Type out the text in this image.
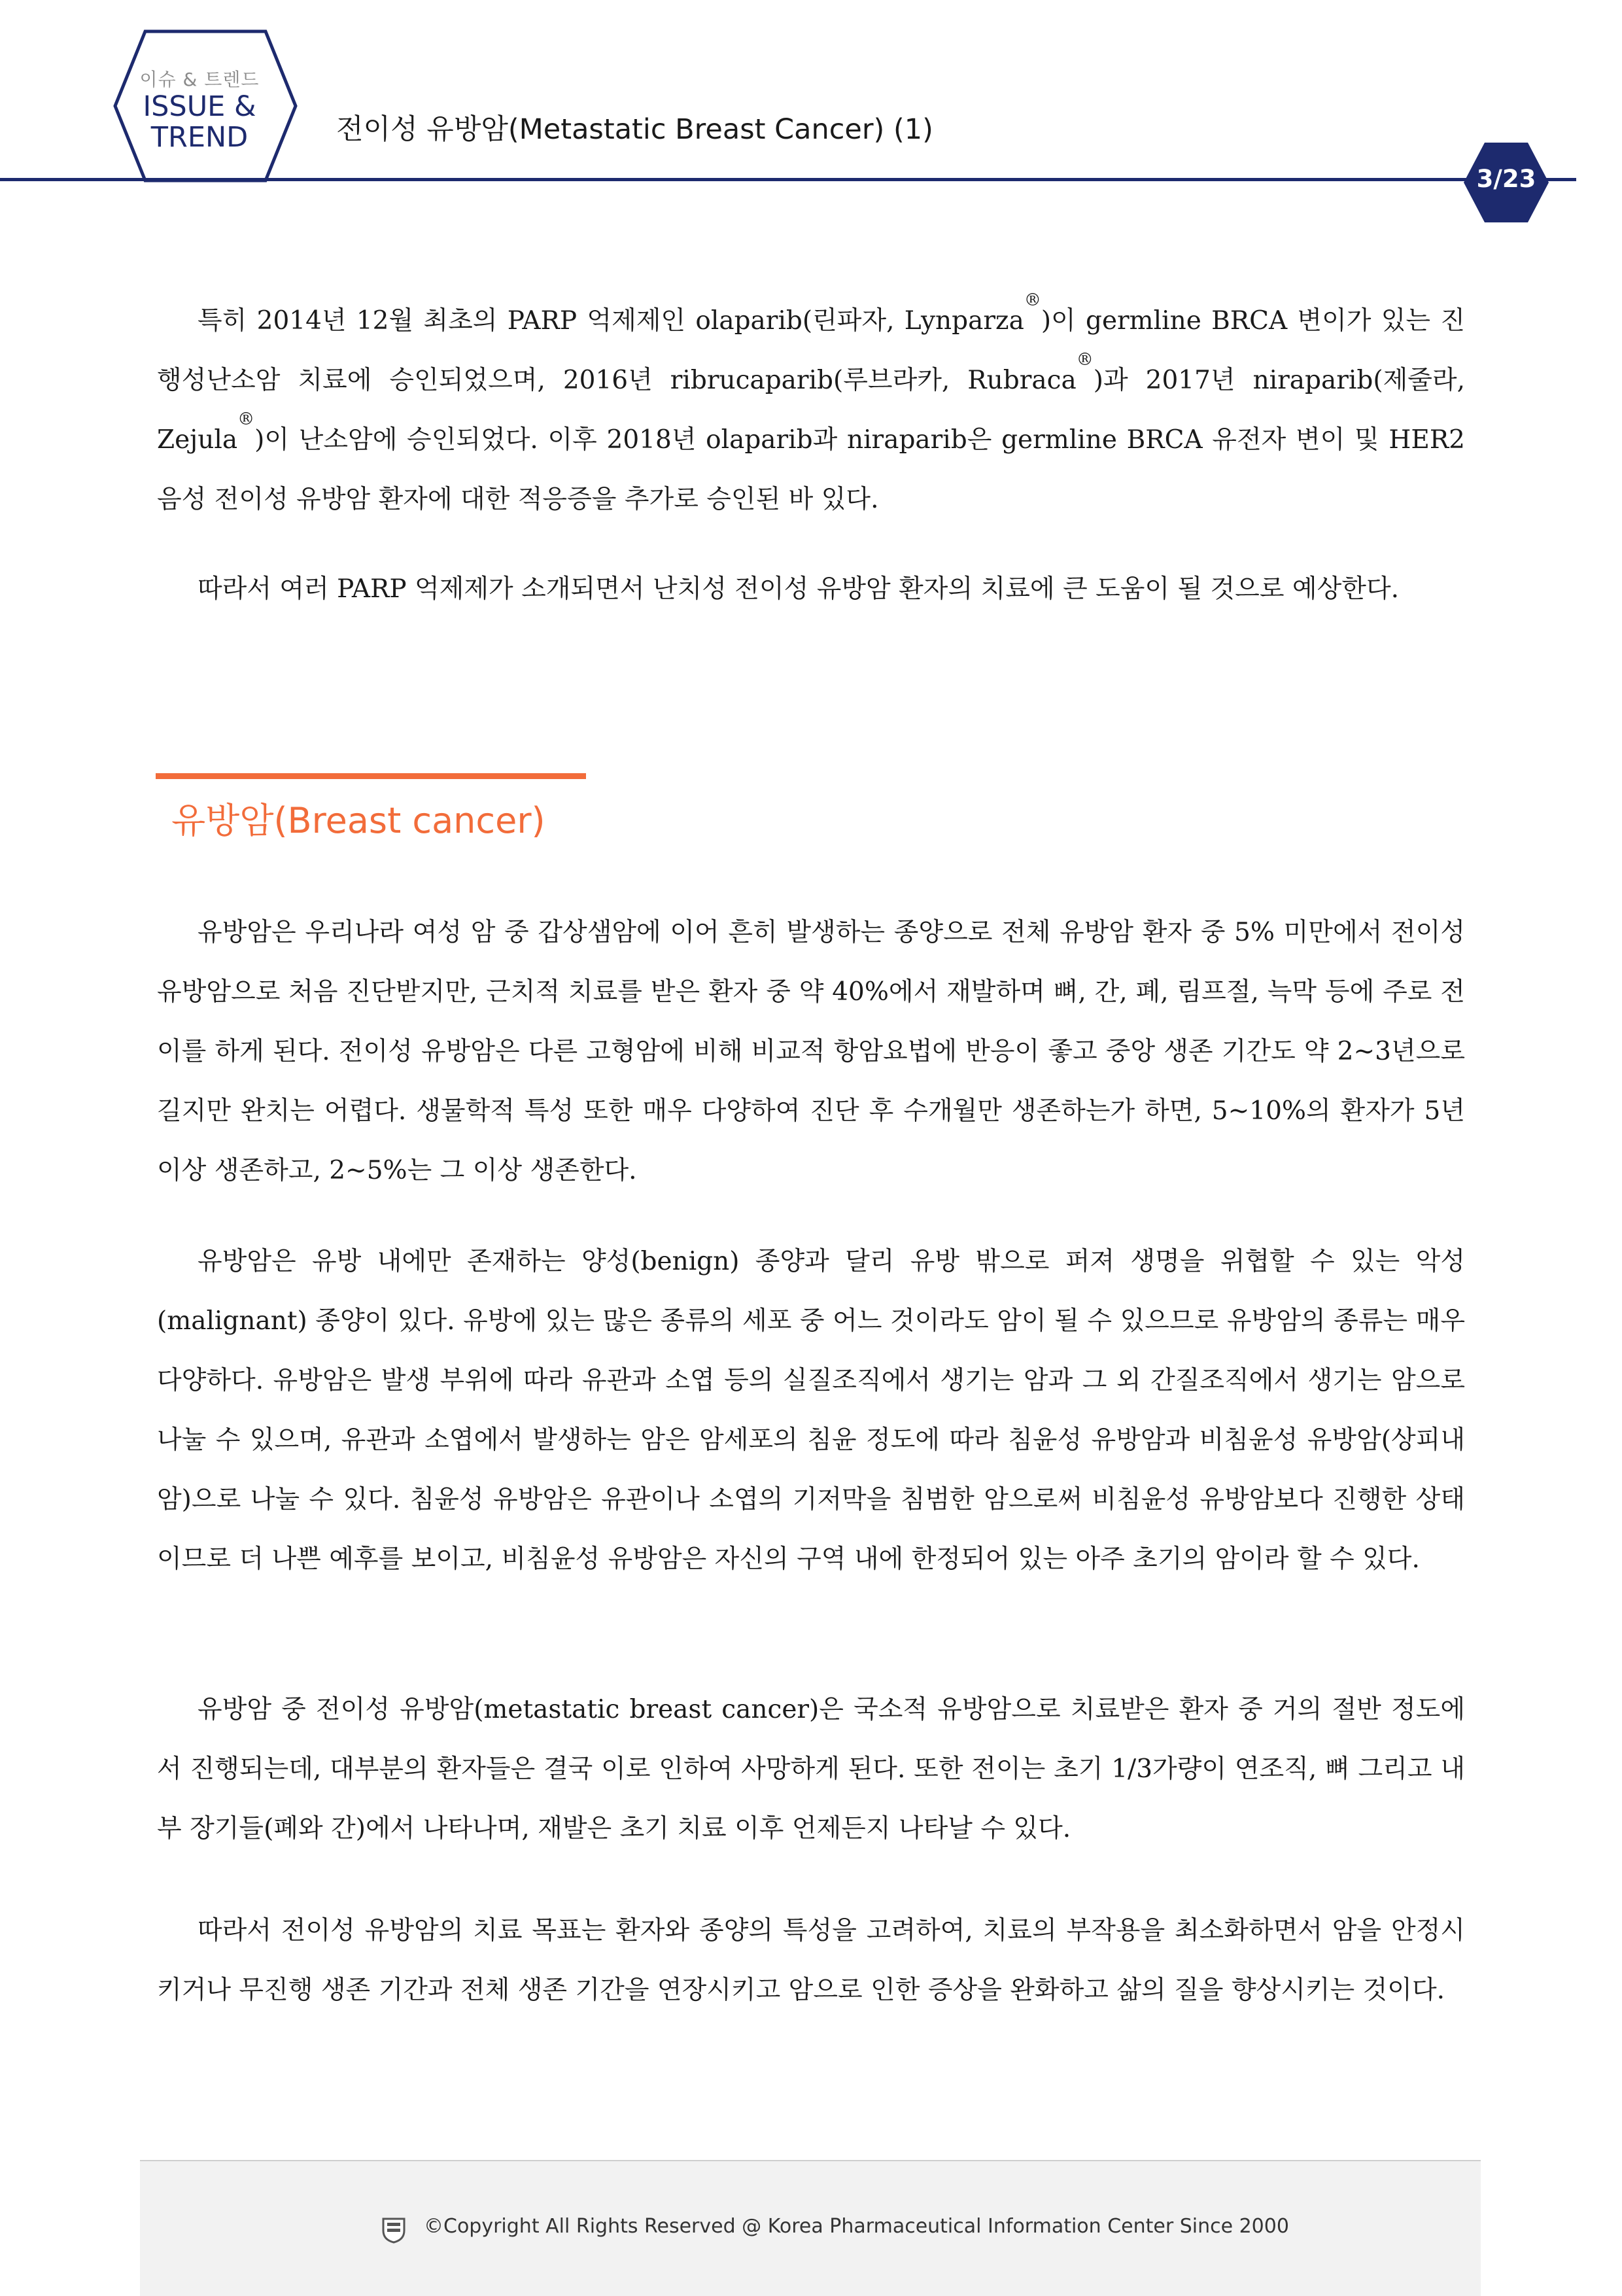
이슈 & 트렌드
ISSUE &
TREND	전이성 유방암(Metastatic Breast Cancer) (1)
3/23

특히 2014년 12월 최초의 PARP 억제제인 olaparib(린파자, Lynparza®)이 germline BRCA 변이가 있는 진행성난소암 치료에 승인되었으며, 2016년 ribrucaparib(루브라카, Rubraca®)과 2017년 niraparib(제줄라, Zejula®)이 난소암에 승인되었다. 이후 2018년 olaparib과 niraparib은 germline BRCA 유전자 변이 및 HER2 음성 전이성 유방암 환자에 대한 적응증을 추가로 승인된 바 있다.

따라서 여러 PARP 억제제가 소개되면서 난치성 전이성 유방암 환자의 치료에 큰 도움이 될 것으로 예상한다.

유방암(Breast cancer)

유방암은 우리나라 여성 암 중 갑상샘암에 이어 흔히 발생하는 종양으로 전체 유방암 환자 중 5% 미만에서 전이성 유방암으로 처음 진단받지만, 근치적 치료를 받은 환자 중 약 40%에서 재발하며 뼈, 간, 폐, 림프절, 늑막 등에 주로 전이를 하게 된다. 전이성 유방암은 다른 고형암에 비해 비교적 항암요법에 반응이 좋고 중앙 생존 기간도 약 2~3년으로 길지만 완치는 어렵다. 생물학적 특성 또한 매우 다양하여 진단 후 수개월만 생존하는가 하면, 5~10%의 환자가 5년 이상 생존하고, 2~5%는 그 이상 생존한다.

유방암은 유방 내에만 존재하는 양성(benign) 종양과 달리 유방 밖으로 퍼져 생명을 위협할 수 있는 악성(malignant) 종양이 있다. 유방에 있는 많은 종류의 세포 중 어느 것이라도 암이 될 수 있으므로 유방암의 종류는 매우 다양하다. 유방암은 발생 부위에 따라 유관과 소엽 등의 실질조직에서 생기는 암과 그 외 간질조직에서 생기는 암으로 나눌 수 있으며, 유관과 소엽에서 발생하는 암은 암세포의 침윤 정도에 따라 침윤성 유방암과 비침윤성 유방암(상피내암)으로 나눌 수 있다. 침윤성 유방암은 유관이나 소엽의 기저막을 침범한 암으로써 비침윤성 유방암보다 진행한 상태이므로 더 나쁜 예후를 보이고, 비침윤성 유방암은 자신의 구역 내에 한정되어 있는 아주 초기의 암이라 할 수 있다.

유방암 중 전이성 유방암(metastatic breast cancer)은 국소적 유방암으로 치료받은 환자 중 거의 절반 정도에서 진행되는데, 대부분의 환자들은 결국 이로 인하여 사망하게 된다. 또한 전이는 초기 1/3가량이 연조직, 뼈 그리고 내부 장기들(폐와 간)에서 나타나며, 재발은 초기 치료 이후 언제든지 나타날 수 있다.

따라서 전이성 유방암의 치료 목표는 환자와 종양의 특성을 고려하여, 치료의 부작용을 최소화하면서 암을 안정시키거나 무진행 생존 기간과 전체 생존 기간을 연장시키고 암으로 인한 증상을 완화하고 삶의 질을 향상시키는 것이다.

©Copyright All Rights Reserved @ Korea Pharmaceutical Information Center Since 2000
